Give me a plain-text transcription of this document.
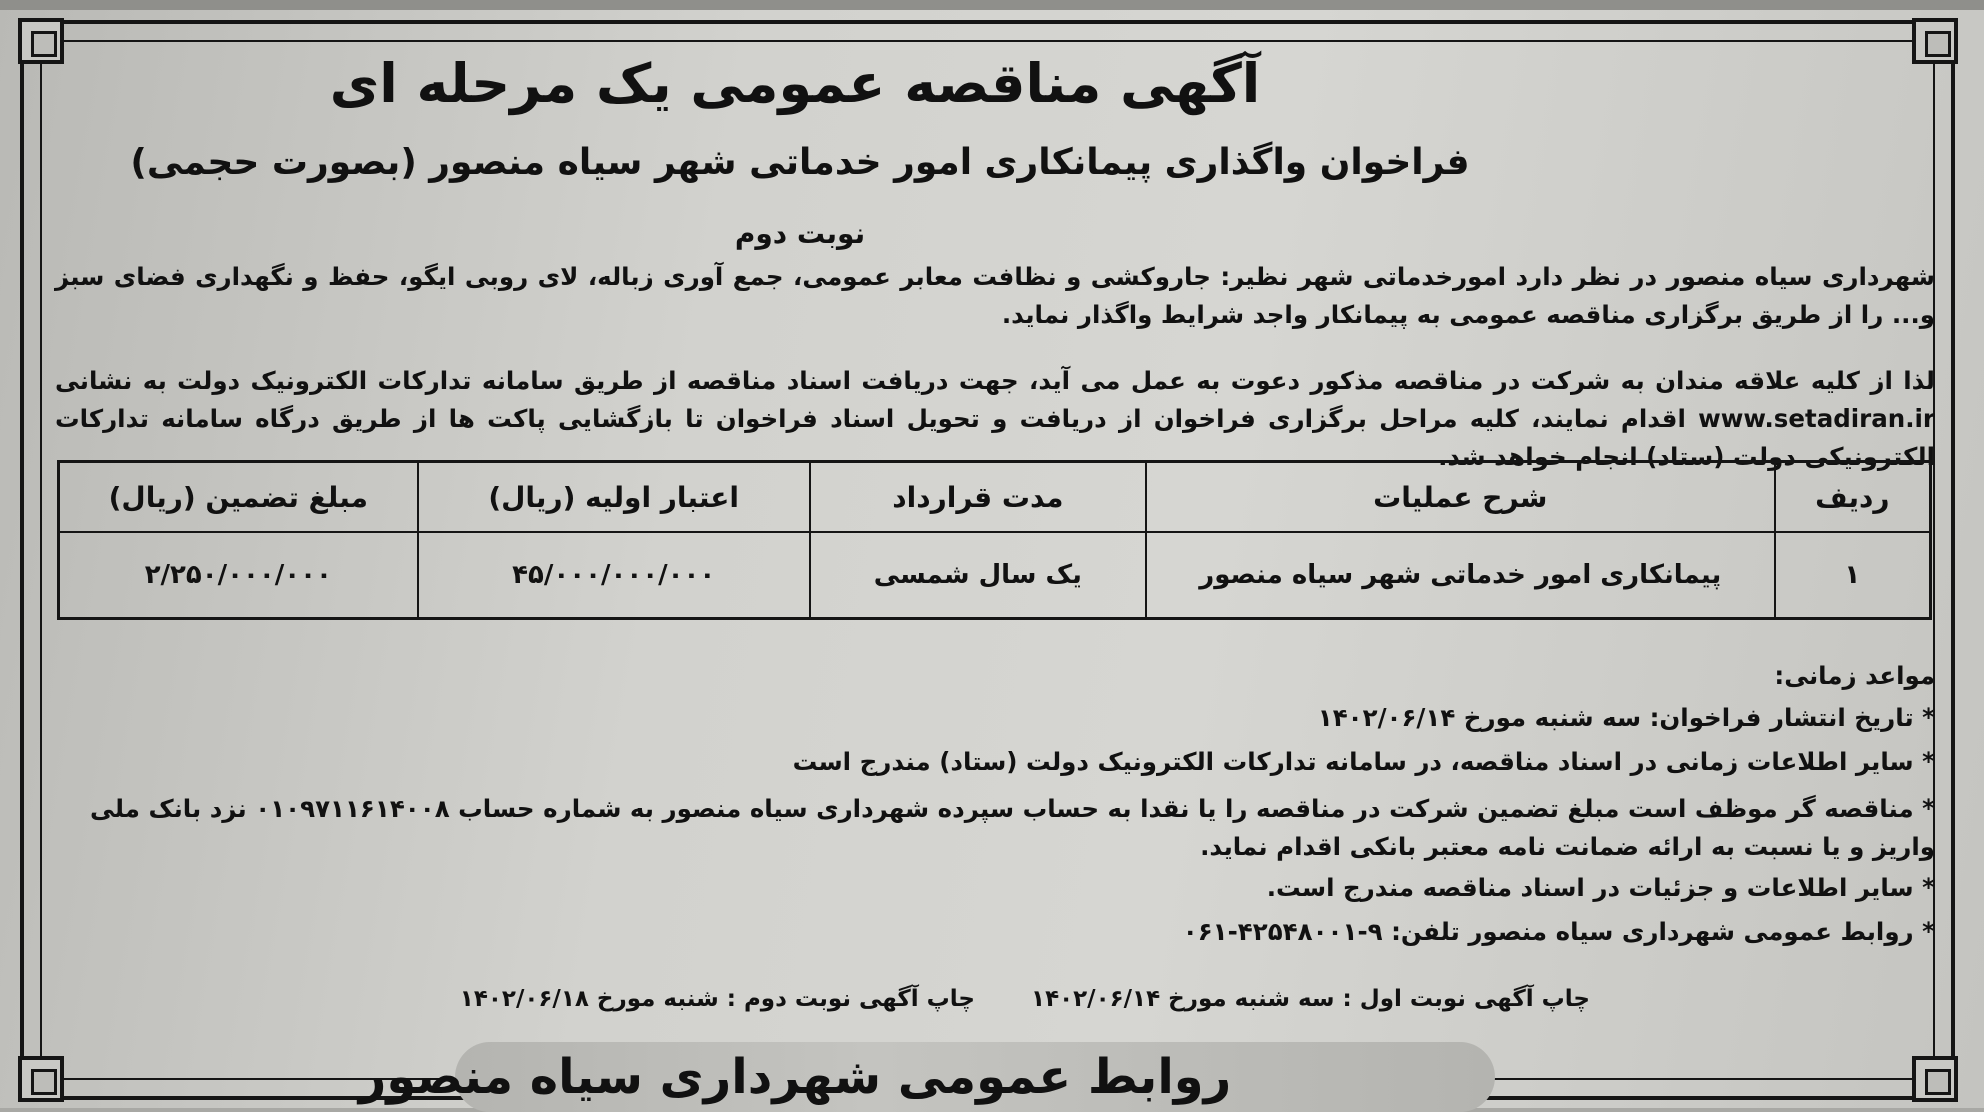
آگهی مناقصه عمومی یک مرحله ای
فراخوان واگذاری پیمانکاری امور خدماتی شهر سیاه منصور (بصورت حجمی)
نوبت دوم
شهرداری سیاه منصور در نظر دارد امورخدماتی شهر نظیر: جاروکشی و نظافت معابر عمومی، جمع آوری زباله، لای روبی ایگو، حفظ و نگهداری فضای سبز و... را از طریق برگزاری مناقصه عمومی به پیمانکار واجد شرایط واگذار نماید.
لذا از کلیه علاقه مندان به شرکت در مناقصه مذکور دعوت به عمل می آید، جهت دریافت اسناد مناقصه از طریق سامانه تدارکات الکترونیک دولت به نشانی www.setadiran.ir اقدام نمایند، کلیه مراحل برگزاری فراخوان از دریافت و تحویل اسناد فراخوان تا بازگشایی پاکت ها از طریق درگاه سامانه تدارکات الکترونیکی دولت (ستاد) انجام خواهد شد.
ردیف	شرح عملیات	مدت قرارداد	اعتبار اولیه (ریال)	مبلغ تضمین (ریال)
۱	پیمانکاری امور خدماتی شهر سیاه منصور	یک سال شمسی	۴۵/۰۰۰/۰۰۰/۰۰۰	۲/۲۵۰/۰۰۰/۰۰۰
مواعد زمانی:
* تاریخ انتشار فراخوان: سه شنبه مورخ ۱۴۰۲/۰۶/۱۴
* سایر اطلاعات زمانی در اسناد مناقصه، در سامانه تدارکات الکترونیک دولت (ستاد) مندرج است
* مناقصه گر موظف است مبلغ تضمین شرکت در مناقصه را یا نقدا به حساب سپرده شهرداری سیاه منصور به شماره حساب ۰۱۰۹۷۱۱۶۱۴۰۰۸ نزد بانک ملی واریز و یا نسبت به ارائه ضمانت نامه معتبر بانکی اقدام نماید.
* سایر اطلاعات و جزئیات در اسناد مناقصه مندرج است.
* روابط عمومی شهرداری سیاه منصور تلفن: ۹-۴۲۵۴۸۰۰۱-۰۶۱
چاپ آگهی نوبت اول : سه شنبه مورخ ۱۴۰۲/۰۶/۱۴ چاپ آگهی نوبت دوم : شنبه مورخ ۱۴۰۲/۰۶/۱۸
روابط عمومی شهرداری سیاه منصور
